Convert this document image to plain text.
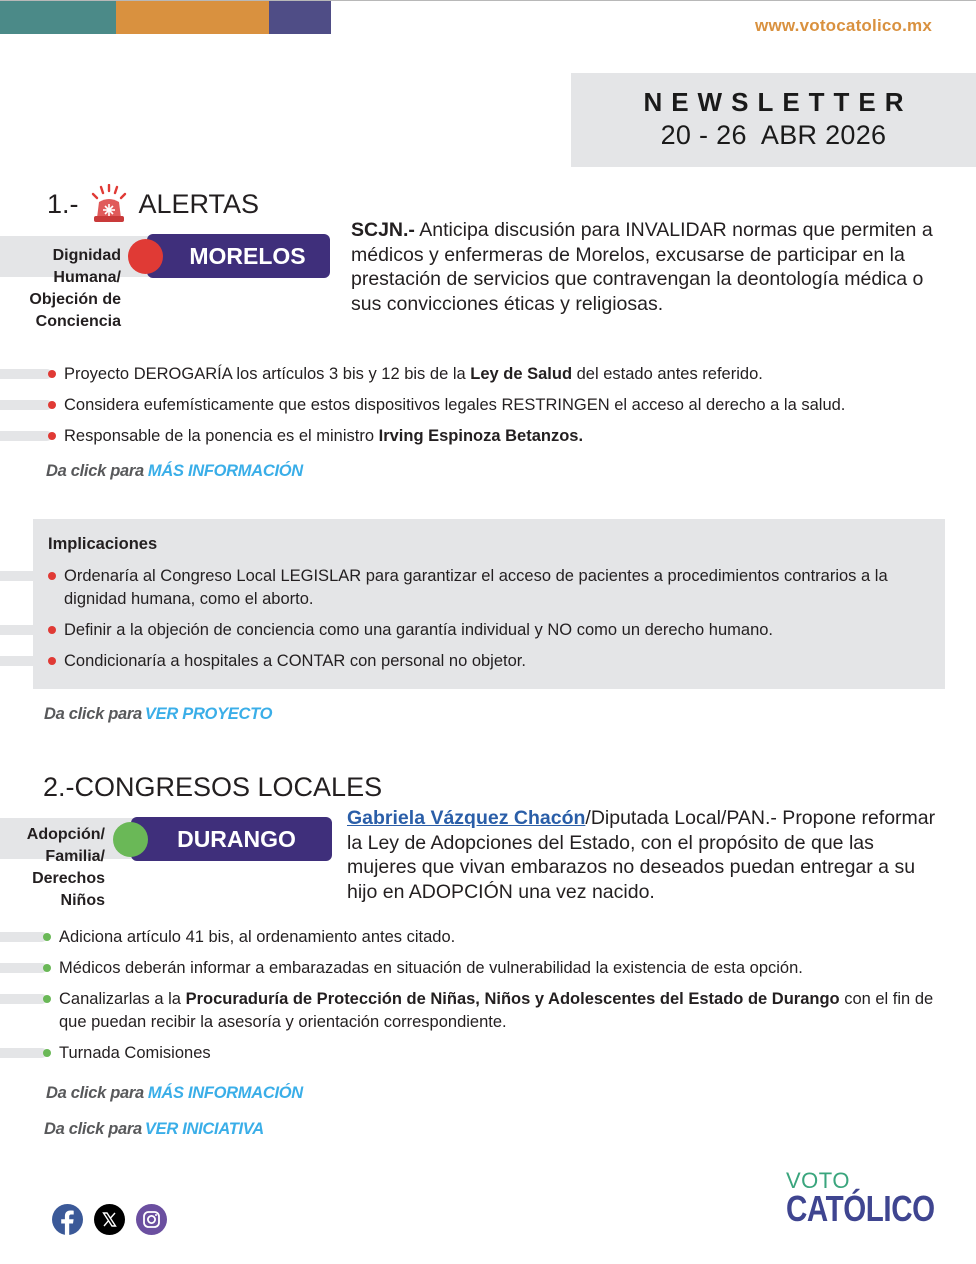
www.votocatolico.mx
NEWSLETTER
20 - 26  ABR 2026
1.- ALERTAS
MORELOS
Dignidad
Humana/
Objeción de
Conciencia
SCJN.- Anticipa discusión para INVALIDAR normas que permiten a médicos y enfermeras de Morelos, excusarse de participar en la prestación de servicios que contravengan la deontología médica o sus convicciones éticas y religiosas.
Proyecto DEROGARÍA los artículos 3 bis y 12 bis de la Ley de Salud del estado antes referido.
Considera eufemísticamente que estos dispositivos legales RESTRINGEN el acceso al derecho a la salud.
Responsable de la ponencia es el ministro Irving Espinoza Betanzos.
Da click para MÁS INFORMACIÓN
Implicaciones
Ordenaría al Congreso Local LEGISLAR para garantizar el acceso de pacientes a procedimientos contrarios a la dignidad humana, como el aborto.
Definir a la objeción de conciencia como una garantía individual y NO como un derecho humano.
Condicionaría a hospitales a CONTAR con personal no objetor.
Da click para VER PROYECTO
2.-CONGRESOS LOCALES
DURANGO
Adopción/
Familia/
Derechos
Niños
Gabriela Vázquez Chacón/Diputada Local/PAN.- Propone reformar la Ley de Adopciones del Estado, con el propósito de que las mujeres que vivan embarazos no deseados puedan entregar a su hijo en ADOPCIÓN una vez nacido.
Adiciona artículo 41 bis, al ordenamiento antes citado.
Médicos deberán informar a embarazadas en situación de vulnerabilidad la existencia de esta opción.
Canalizarlas a la Procuraduría de Protección de Niñas, Niños y Adolescentes del Estado de Durango con el fin de que puedan recibir la asesoría y orientación correspondiente.
Turnada Comisiones
Da click para MÁS INFORMACIÓN
Da click para VER INICIATIVA
VOTO
CATÓLICO
